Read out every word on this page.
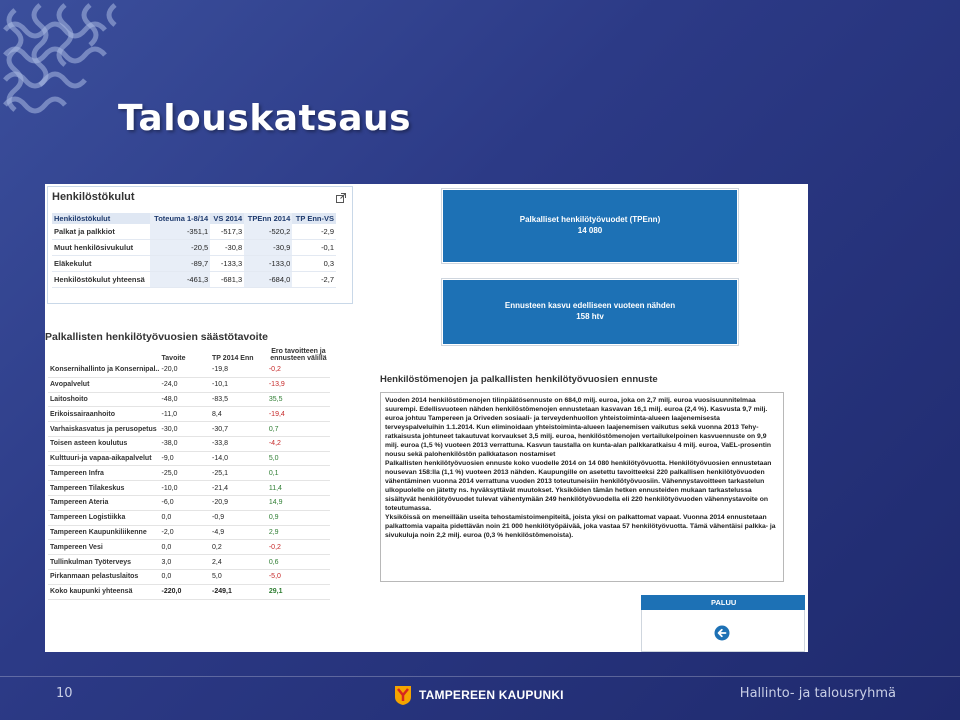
Talouskatsaus
Henkilöstökulut
Henkilöstökulut	Toteuma 1-8/14	VS 2014	TPEnn 2014	TP Enn-VS
Palkat ja palkkiot	-351,1	-517,3	-520,2	-2,9
Muut henkilösivukulut	-20,5	-30,8	-30,9	-0,1
Eläkekulut	-89,7	-133,3	-133,0	0,3
Henkilöstökulut yhteensä	-461,3	-681,3	-684,0	-2,7
Palkallisten henkilötyövuosien säästötavoite
	Tavoite	TP 2014 Enn	Ero tavoitteen ja ennusteen välillä
Konsernihallinto ja Konsernipal..	-20,0	-19,8	-0,2
Avopalvelut	-24,0	-10,1	-13,9
Laitoshoito	-48,0	-83,5	35,5
Erikoissairaanhoito	-11,0	8,4	-19,4
Varhaiskasvatus ja perusopetus	-30,0	-30,7	0,7
Toisen asteen koulutus	-38,0	-33,8	-4,2
Kulttuuri-ja vapaa-aikapalvelut	-9,0	-14,0	5,0
Tampereen Infra	-25,0	-25,1	0,1
Tampereen Tilakeskus	-10,0	-21,4	11,4
Tampereen Ateria	-6,0	-20,9	14,9
Tampereen Logistiikka	0,0	-0,9	0,9
Tampereen Kaupunkiliikenne	-2,0	-4,9	2,9
Tampereen Vesi	0,0	0,2	-0,2
Tullinkulman Työterveys	3,0	2,4	0,6
Pirkanmaan pelastuslaitos	0,0	5,0	-5,0
Koko kaupunki yhteensä	-220,0	-249,1	29,1
Palkalliset henkilötyövuodet (TPEnn)
14 080
Ennusteen kasvu edelliseen vuoteen nähden
158 htv
Henkilöstömenojen ja palkallisten henkilötyövuosien ennuste
Vuoden 2014 henkilöstömenojen tilinpäätösennuste on 684,0 milj. euroa, joka on 2,7 milj. euroa vuosisuunnitelmaa suurempi. Edellisvuoteen nähden henkilöstömenojen ennustetaan kasvavan 16,1 milj. euroa (2,4 %). Kasvusta 9,7 milj. euroa johtuu Tampereen ja Oriveden sosiaali- ja terveydenhuollon yhteistoiminta-alueen laajenemisesta terveyspalveluihin 1.1.2014. Kun eliminoidaan yhteistoiminta-alueen laajenemisen vaikutus sekä vuonna 2013 Tehy-ratkaisusta johtuneet takautuvat korvaukset 3,5 milj. euroa, henkilöstömenojen vertailukelpoinen kasvuennuste on 9,9 milj. euroa (1,5 %) vuoteen 2013 verrattuna. Kasvun taustalla on kunta-alan palkkaratkaisu 4 milj. euroa, VaEL-prosentin nousu sekä palohenkilöstön palkkatason nostamiset
Palkallisten henkilötyövuosien ennuste koko vuodelle 2014 on 14 080 henkilötyövuotta. Henkilötyövuosien ennustetaan nousevan 158:lla (1,1 %) vuoteen 2013 nähden. Kaupungille on asetettu tavoitteeksi 220 palkallisen henkilötyövuoden vähentäminen vuonna 2014 verrattuna vuoden 2013 toteutuneisiin henkilötyövuosiin. Vähennystavoitteen tarkastelun ulkopuolelle on jätetty ns. hyväksyttävät muutokset. Yksiköiden tämän hetken ennusteiden mukaan tarkastelussa sisältyvät henkilötyövuodet tulevat vähentymään 249 henkilötyövuodella eli 220 henkilötyövuoden vähennystavoite on toteutumassa.
Yksiköissä on meneillään useita tehostamistoimenpiteitä, joista yksi on palkattomat vapaat. Vuonna 2014 ennustetaan palkattomia vapaita pidettävän noin 21 000 henkilötyöpäivää, joka vastaa 57 henkilötyövuotta. Tämä vähentäisi palkka- ja sivukuluja noin 2,2 milj. euroa (0,3 % henkilöstömenoista).
PALUU
10	TAMPEREEN KAUPUNKI	Hallinto- ja talousryhmä
